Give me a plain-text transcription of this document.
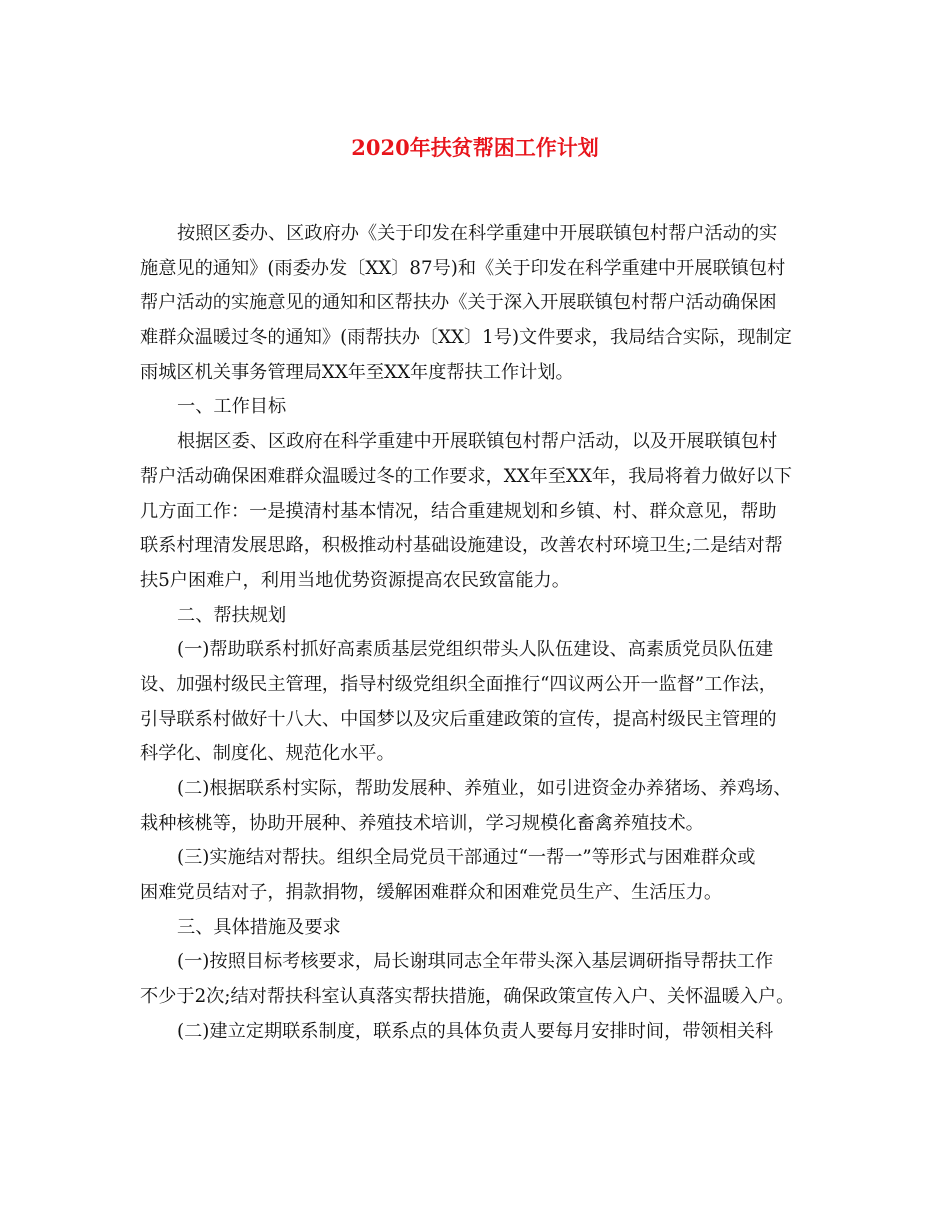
2020年扶贫帮困工作计划
按照区委办、区政府办《关于印发在科学重建中开展联镇包村帮户活动的实
施意见的通知》(雨委办发〔XX〕87号)和《关于印发在科学重建中开展联镇包村
帮户活动的实施意见的通知和区帮扶办《关于深入开展联镇包村帮户活动确保困
难群众温暖过冬的通知》(雨帮扶办〔XX〕1号)文件要求，我局结合实际，现制定
雨城区机关事务管理局XX年至XX年度帮扶工作计划。
一、工作目标
根据区委、区政府在科学重建中开展联镇包村帮户活动，以及开展联镇包村
帮户活动确保困难群众温暖过冬的工作要求，XX年至XX年，我局将着力做好以下
几方面工作：一是摸清村基本情况，结合重建规划和乡镇、村、群众意见，帮助
联系村理清发展思路，积极推动村基础设施建设，改善农村环境卫生;二是结对帮
扶5户困难户，利用当地优势资源提高农民致富能力。
二、帮扶规划
(一)帮助联系村抓好高素质基层党组织带头人队伍建设、高素质党员队伍建
设、加强村级民主管理，指导村级党组织全面推行“四议两公开一监督”工作法，
引导联系村做好十八大、中国梦以及灾后重建政策的宣传，提高村级民主管理的
科学化、制度化、规范化水平。
(二)根据联系村实际，帮助发展种、养殖业，如引进资金办养猪场、养鸡场、
栽种核桃等，协助开展种、养殖技术培训，学习规模化畜禽养殖技术。
(三)实施结对帮扶。组织全局党员干部通过“一帮一”等形式与困难群众或
困难党员结对子，捐款捐物，缓解困难群众和困难党员生产、生活压力。
三、具体措施及要求
(一)按照目标考核要求，局长谢琪同志全年带头深入基层调研指导帮扶工作
不少于2次;结对帮扶科室认真落实帮扶措施，确保政策宣传入户、关怀温暖入户。
(二)建立定期联系制度，联系点的具体负责人要每月安排时间，带领相关科
